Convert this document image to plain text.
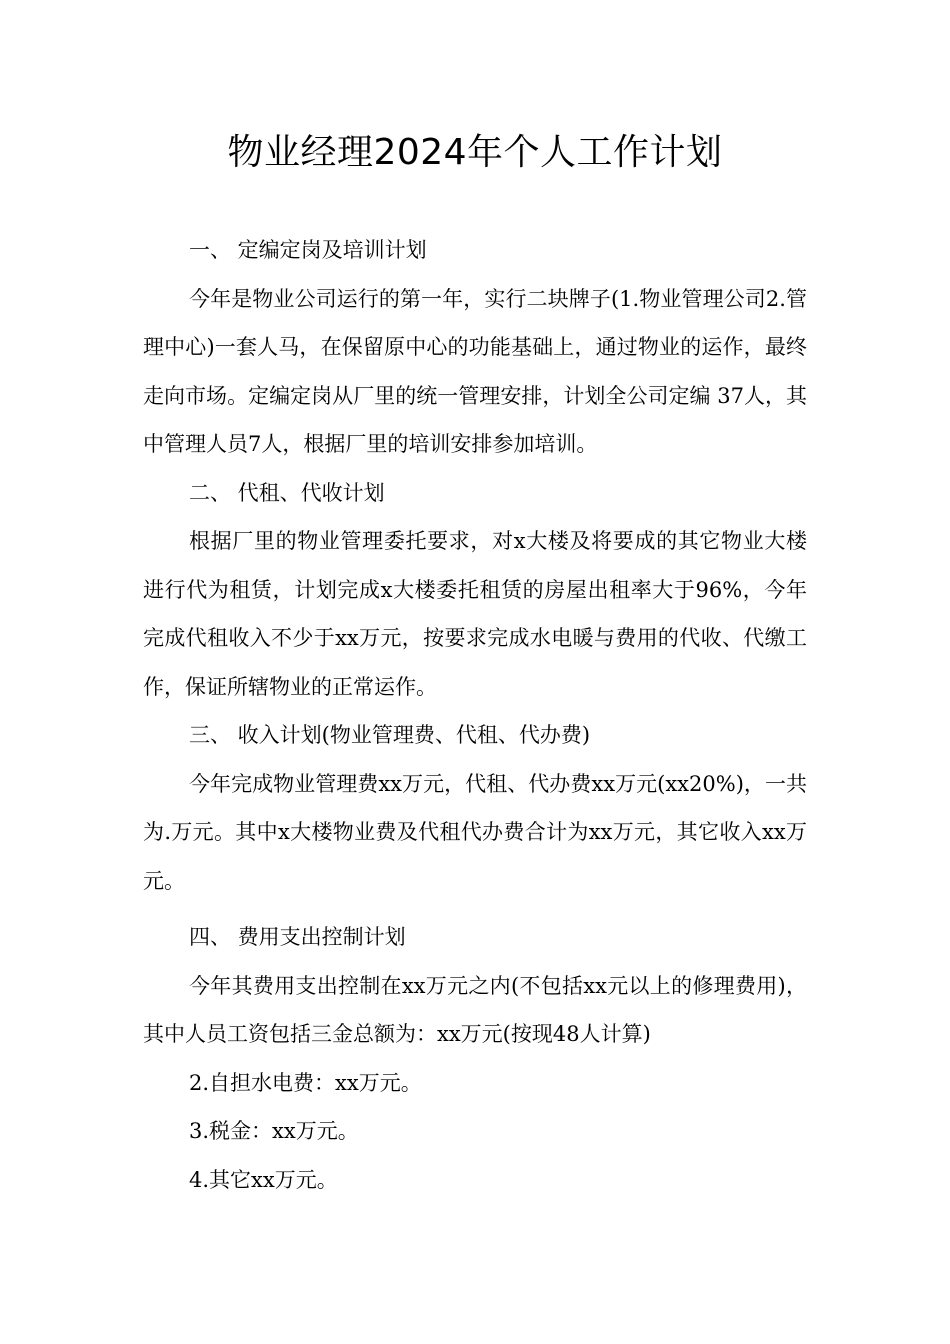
物业经理2024年个人工作计划

一、 定编定岗及培训计划

今年是物业公司运行的第一年，实行二块牌子(1.物业管理公司2.管理中心)一套人马，在保留原中心的功能基础上，通过物业的运作，最终走向市场。定编定岗从厂里的统一管理安排，计划全公司定编 37人，其中管理人员7人，根据厂里的培训安排参加培训。

二、 代租、代收计划

根据厂里的物业管理委托要求，对x大楼及将要成的其它物业大楼进行代为租赁，计划完成x大楼委托租赁的房屋出租率大于96%，今年完成代租收入不少于xx万元，按要求完成水电暖与费用的代收、代缴工作，保证所辖物业的正常运作。

三、 收入计划(物业管理费、代租、代办费)

今年完成物业管理费xx万元，代租、代办费xx万元(xx20%)，一共为.万元。其中x大楼物业费及代租代办费合计为xx万元，其它收入xx万元。

四、 费用支出控制计划

今年其费用支出控制在xx万元之内(不包括xx元以上的修理费用)，其中人员工资包括三金总额为：xx万元(按现48人计算)

2.自担水电费：xx万元。

3.税金：xx万元。

4.其它xx万元。
